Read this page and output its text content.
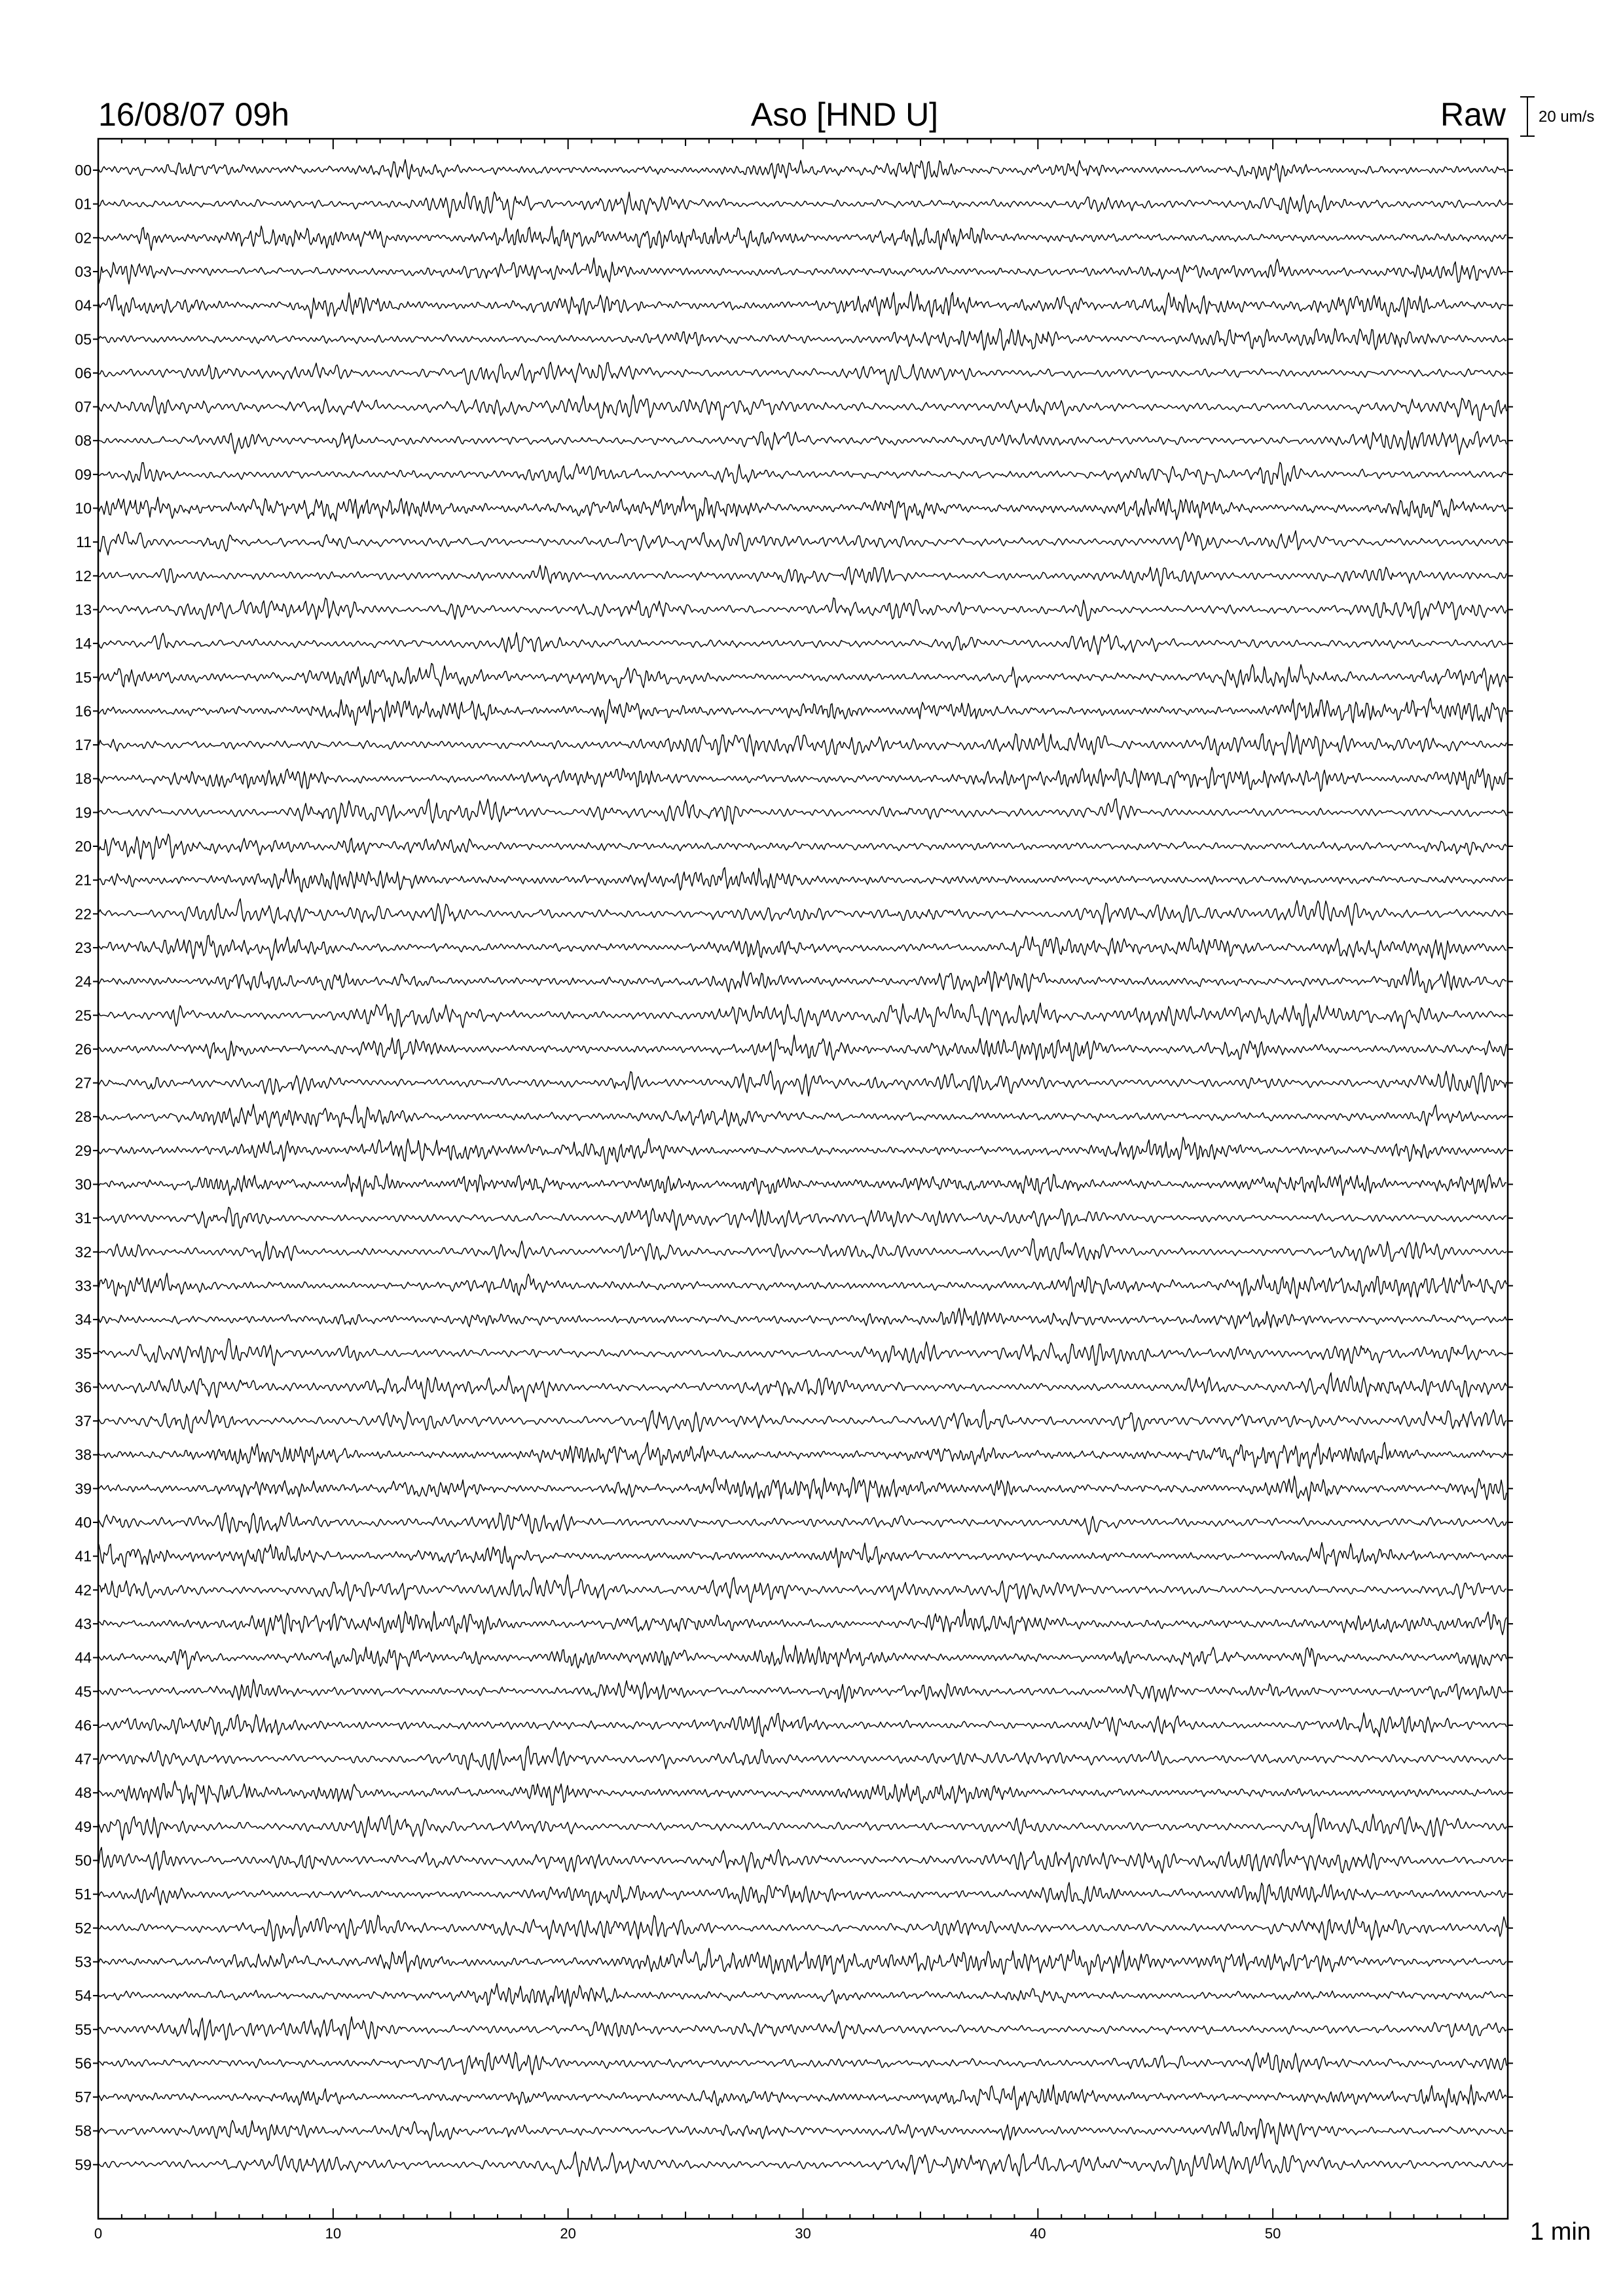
16/08/07 09h	Aso [HND U]	Raw 20 um/s
0	10	20	30	40	50
00
01
02
03
04
05
06
07
08
09
10
11
12
13
14
15
16
17
18
19
20
21
22
23
24
25
26
27
28
29
30
31
32
33
34
35
36
37
38
39
40
41
42
43
44
45
46
47
48
49
50
51
52
53
54
55
56
57
58
59
1 min
